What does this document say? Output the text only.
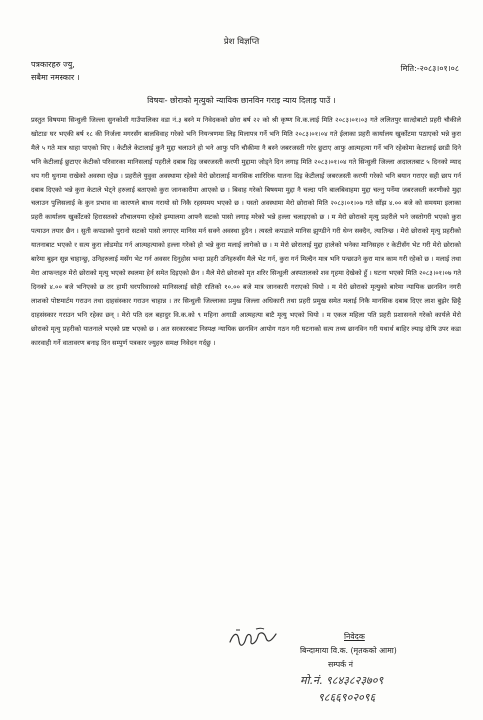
प्रेश विज्ञप्ति
पत्रकारहरु ज्यु,
सबैमा नमस्कार ।
मिति:-२०८३।०१।०८
विषयः- छोराको मृत्युको न्यायिक छानविन गराइ न्याय दिलाइ पाउँ ।

प्रस्तुत विषयमा सिन्धुली जिल्ला सुनकोशी गाउँपालिका वडा नं.३ बस्ने म निवेदकको छोरा बर्ष २२ को श्री कृष्ण वि.क.लाई मिति २०८३।०१।०३ गते ललितपुर सात्दोबाटो प्रहरी चौकीले खोटाङ घर भएकी बर्ष १८ की निर्जला मगरसँग बालविवाह गरेको भनि नियन्त्रणमा लिइ मिलापत्र गर्ने भनि मिति २०८३।०१।०४ गते ईलाका प्रहरी कार्यालय खुर्कोटमा पठाएको भन्ने कुरा मैले ५ गते मात्र थाहा पाएको थिए । केटीले केटालाई कुनै मुद्दा चलाउने हो भने आफु पनि चौकीमा नै बस्ने जबरजस्ती गरेर छुटाए आफु आत्महत्या गर्ने भनि रहेकोमा केटालाई छाडी दिने भनि केटीलाई छुटाएर केटीको परिवारका मानिसलाई पहरीले दबाब दिइ जबरजस्ती करणी मुद्दामा जोड्ने दिन लगाइ मिति २०८३।०१।०४ गते सिन्धुली जिल्ला अदालतबाट ५ दिनको म्याद थप गरी थुनामा राखेको अवस्था रहेछ । प्रहरीले युवुवा अवस्थामा रहेको मेरो छोरालाई मानसिक शारिरिक यातना दिइ केटीलाई जबरजस्ती करणी गरेको भनि बयान गराएर सही छाप गर्न दबाब दिएको भन्ने कुरा केटाले भेट्ने हरुलाई बताएको कुरा जानकारीमा आएको छ । बिवाह गरेको बिषयमा मुद्दा नै चल्दा पनि बालबिवाहमा मुद्दा चल्नु पर्नेमा जबरजस्ती करणीको मुद्दा चलाउन पुलिसलाई के कुन प्रभाव वा कारणले बाध्य गरायो सो निकै रहस्यमय भएको छ । यस्तो अवस्थामा मेरो छोराको मिति २०८३।०१।०७ गते साँझ ४.०० बजे को समयमा इलाका प्रहरी कार्यालय खुर्कोटको हिरासतको शौचालयमा रहेको इम्यालमा आफ्नै सटको पासो लगाइ मरेको भन्ने हल्ला चलाइएको छ । म मेरो छोराको मृत्यु प्रहरीले भने जस्तोगरी भएको कुरा पत्याउन तयार छैन । सुती कपडाको पुरानो सटको पासो लगाएर मानिस मर्न सक्ने अवस्था हुदैन । त्यस्तो कपडाले मानिस झुण्डीने गरी थेग्न सक्दैन, त्यातिन्छ । मेरो छोराको मृत्यु प्रहरीको यातनाबाट भएको र सत्य कुरा लोडमोड गर्न आत्महत्याको हल्ला गरेको हो भन्ने कुरा मलाई लागेको छ । म मेरो छोरालाई मुद्दा हालेको भनेका मानिसहरु र केटीसँग भेट गरी मेरो छोराको बारेमा बुझ्न सुन्न चाहान्छु, उनिहरुलाई मसँग भेट गर्न अवसर दिनुहोस भन्दा प्रहरी उनिहरुसँग मैले भेट गर्न, कुरा गर्न मिल्दैन मात्र भनि पन्छाउने कुरा मात्र काम गरी रहेको छ । मलाई तथा मेरा आफन्तहरु मेरो छोराको मृत्यु भएको स्थलमा हेर्न समेत दिइएको छैन । मैले मेरो छोराको मृत शरिर सिन्धुली अस्पतालको शव गृहमा देखेको हुँ । घटना भएको मिति २०८३।०१।०७ गते दिनको ४.०० बजे भनिएको छ तर हामी घरपरिवारको मानिसलाई सोही रातिको १०.०० बजे मात्र जानकारी गराएको थियो । म मेरो छोराको मृत्युको बारेमा न्यायिक छानविन नगरी लाशको पोष्टमार्टम गराउन तथा दाहसंस्कार गराउन चाहान्न । तर सिन्धुली जिल्लाका प्रमुख जिल्ला अधिकारी तथा प्रहरी प्रमुख समेत मलाई निकै मानसिक दबाब दिएर लाश बुझेर छिट्टै दाहसंस्कार गराउन भनि रहेका छन् । मेरो पति दल बहादुर वि.क.को ९ महिना अगाडी आत्महत्या बाटै मृत्यु भएको थियो । म एकल महिला पति प्रहरी प्रशासनले गरेको कार्यले मेरो छोराको मृत्यु प्रहरीको यातनाले भएको प्रष्ट भएको छ । अत सरकारबाट निस्पक्ष न्यायिक छानविन आयोग गठन गरी घटनाको सत्य तथ्य छानविन गरी यथार्थ बाहिर ल्याइ दोषि उपर कडा कारवाही गर्ने वातावरण बनाइ दिन सम्पुर्ण पत्रकार ज्युहरु समक्ष निवेदन गर्दछु ।

निवेदक
बिन्दामाया वि.क. (मृतकको आमा)
सम्पर्क नं
मो.नं. ९८४३८२३७०९
९८६६९०२०९६
